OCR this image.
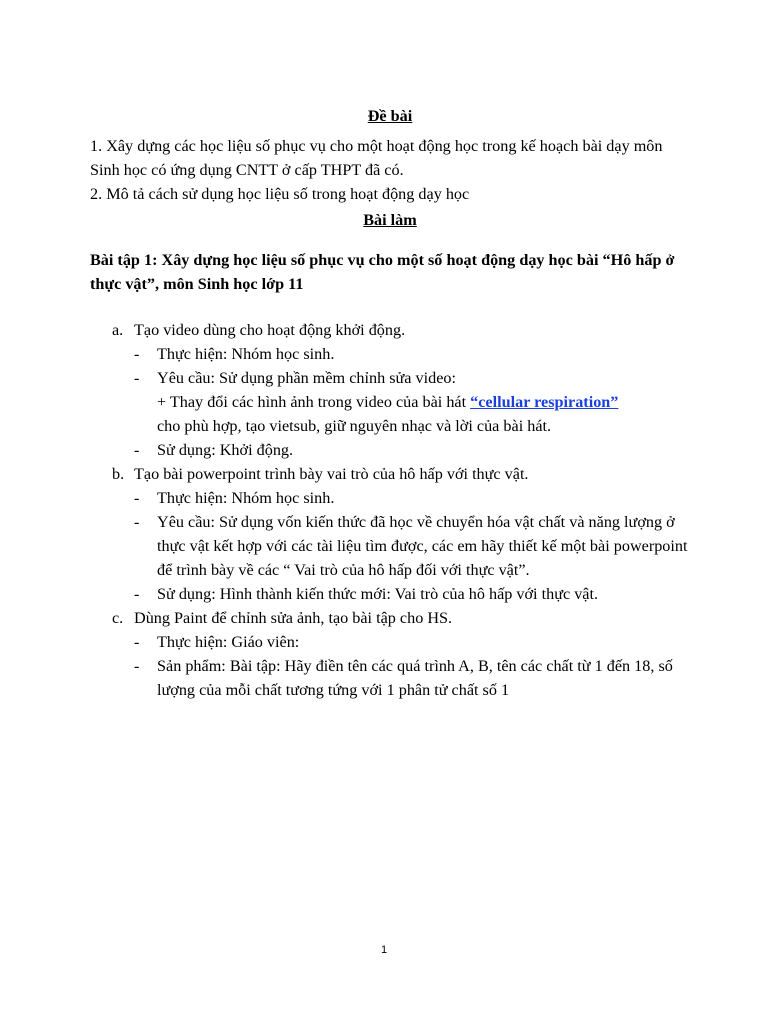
Đề bài

1. Xây dựng các học liệu số phục vụ cho một hoạt động học trong kế hoạch bài dạy môn Sinh học có ứng dụng CNTT ở cấp THPT đã có.

2. Mô tả cách sử dụng học liệu số trong hoạt động dạy học

Bài làm
Bài tập 1: Xây dựng học liệu số phục vụ cho một số hoạt động dạy học bài “Hô hấp ở thực vật”, môn Sinh học lớp 11
a. Tạo video dùng cho hoạt động khởi động.
- Thực hiện: Nhóm học sinh.
- Yêu cầu: Sử dụng phần mềm chỉnh sửa video:
+ Thay đổi các hình ảnh trong video của bài hát “cellular respiration”
cho phù hợp, tạo vietsub, giữ nguyên nhạc và lời của bài hát.
- Sử dụng: Khởi động.
b. Tạo bài powerpoint trình bày vai trò của hô hấp với thực vật.
- Thực hiện: Nhóm học sinh.
- Yêu cầu: Sử dụng vốn kiến thức đã học về chuyển hóa vật chất và năng lượng ở thực vật kết hợp với các tài liệu tìm được, các em hãy thiết kế một bài powerpoint để trình bày về các “ Vai trò của hô hấp đối với thực vật”.
- Sử dụng: Hình thành kiến thức mới: Vai trò của hô hấp với thực vật.
c. Dùng Paint để chỉnh sửa ảnh, tạo bài tập cho HS.
- Thực hiện: Giáo viên:
- Sản phẩm: Bài tập: Hãy điền tên các quá trình A, B, tên các chất từ 1 đến 18, số lượng của mỗi chất tương tứng với 1 phân tử chất số 1
1
